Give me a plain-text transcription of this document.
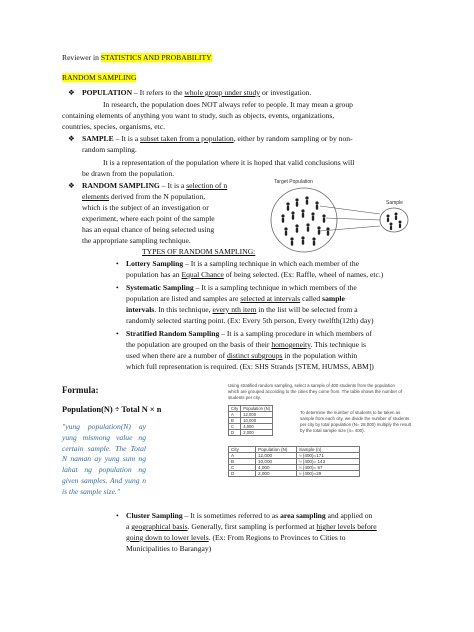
Reviewer in STATISTICS AND PROBABILITY
RANDOM SAMPLING
❖ POPULATION – It refers to the whole group under study or investigation.
In research, the population does NOT always refer to people. It may mean a group
containing elements of anything you want to study, such as objects, events, organizations,
countries, species, organisms, etc.
❖ SAMPLE – It is a subset taken from a population, either by random sampling or by non-
random sampling.
It is a representation of the population where it is hoped that valid conclusions will
be drawn from the population.
❖ RANDOM SAMPLING – It is a selection of n
elements derived from the N population,
which is the subject of an investigation or
experiment, where each point of the sample
has an equal chance of being selected using
the appropriate sampling technique.
TYPES OF RANDOM SAMPLING:
Target Population
Sample
• Lottery Sampling – It is a sampling technique in which each member of the
population has an Equal Chance of being selected. (Ex: Raffle, wheel of names, etc.)
• Systematic Sampling – It is a sampling technique in which members of the
population are listed and samples are selected at intervals called sample
intervals. In this technique, every nth item in the list will be selected from a
randomly selected starting point. (Ex: Every 5th person, Every twelfth(12th) day)
• Stratified Random Sampling – It is a sampling procedure in which members of
the population are grouped on the basis of their homogeneity. This technique is
used when there are a number of distinct subgroups in the population within
which full representation is required. (Ex: SHS Strands [STEM, HUMSS, ABM])
Formula:
Population(N) ÷ Total N × n
"yung population(N) ay yung mismong value ng certain sample. The Total N naman ay yung sum ng lahat ng population ng given samples. And yung n is the sample size."
Using stratified random sampling, select a sample of 400 students from the population
which are grouped according to the cities they come from. The table shows the number of
students per city.
City	Population (N)
A	12,000
B	10,000
C	4,000
D	2,000
To determine the number of students to be taken as
sample from each city, we divide the number of students
per city by total population (N= 28,000) multiply the result
by the total sample size (n= 400).
City	Population (N)	Sample (n)
A	12,000	≈ (400)=171
B	10,000	≈ (400)= 143
C	4,000	≈ (400)= 57
D	2,000	≈ (400)=29
• Cluster Sampling – It is sometimes referred to as area sampling and applied on
a geographical basis. Generally, first sampling is performed at higher levels before
going down to lower levels. (Ex: From Regions to Provinces to Cities to
Municipalities to Barangay)
